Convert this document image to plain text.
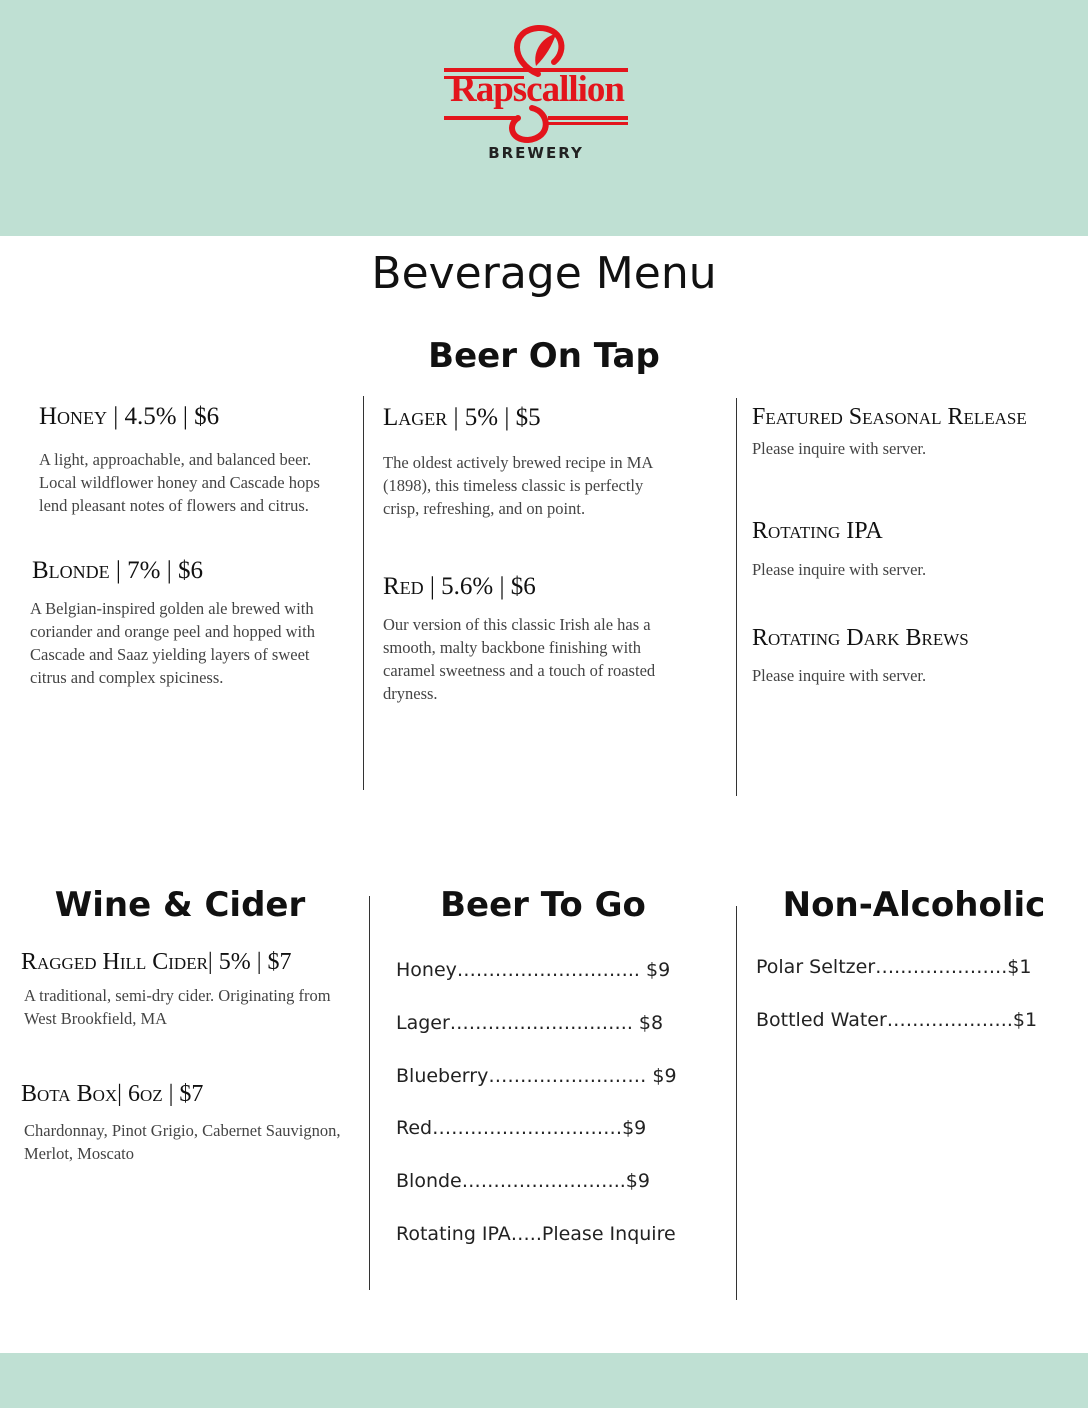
Rapscallion
BREWERY
Beverage Menu
Beer On Tap
Honey | 4.5% | $6
A light, approachable, and balanced beer. Local wildflower honey and Cascade hops lend pleasant notes of flowers and citrus.
Blonde | 7% | $6
A Belgian-inspired golden ale brewed with coriander and orange peel and hopped with Cascade and Saaz yielding layers of sweet citrus and complex spiciness.
Lager | 5% | $5
The oldest actively brewed recipe in MA (1898), this timeless classic is perfectly crisp, refreshing, and on point.
Red | 5.6% | $6
Our version of this classic Irish ale has a smooth, malty backbone finishing with caramel sweetness and a touch of roasted dryness.
Featured Seasonal Release
Please inquire with server.
Rotating IPA
Please inquire with server.
Rotating Dark Brews
Please inquire with server.
Wine & Cider
Ragged Hill Cider| 5% | $7
A traditional, semi-dry cider. Originating from West Brookfield, MA
Bota Box| 6oz | $7
Chardonnay, Pinot Grigio, Cabernet Sauvignon, Merlot, Moscato
Beer To Go
Honey……………………….. $9
Lager……………………….. $8
Blueberry……………….…… $9
Red…………………………$9
Blonde……………………..$9
Rotating IPA…..Please Inquire
Non-Alcoholic
Polar Seltzer….……………..$1
Bottled Water………………..$1
